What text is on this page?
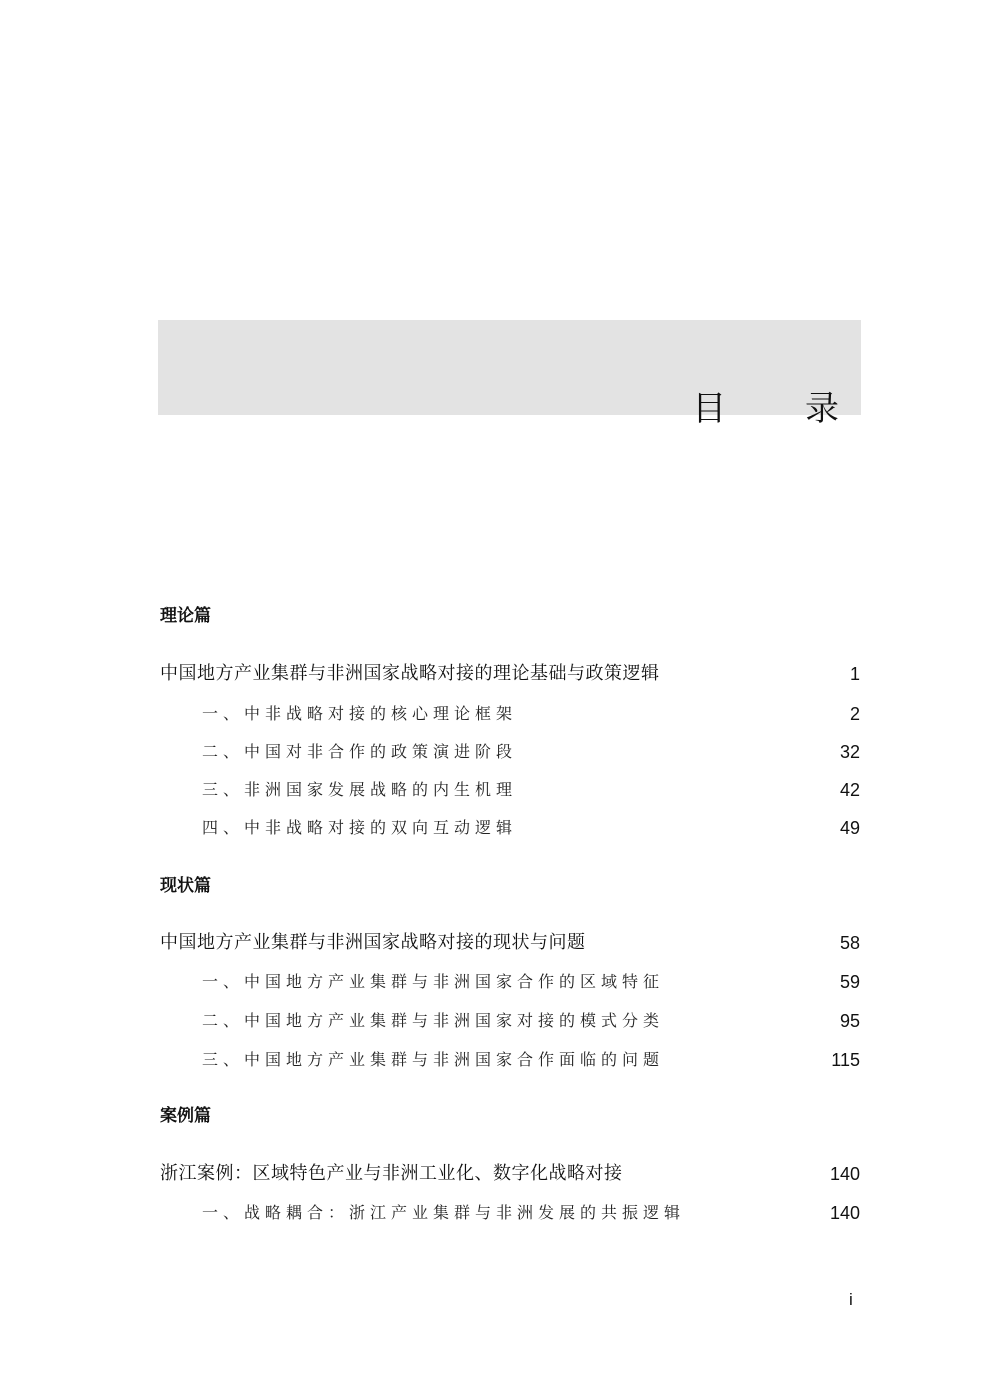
目 录
理论篇
中国地方产业集群与非洲国家战略对接的理论基础与政策逻辑	1
一、中非战略对接的核心理论框架	2
二、中国对非合作的政策演进阶段	32
三、非洲国家发展战略的内生机理	42
四、中非战略对接的双向互动逻辑	49
现状篇
中国地方产业集群与非洲国家战略对接的现状与问题	58
一、中国地方产业集群与非洲国家合作的区域特征	59
二、中国地方产业集群与非洲国家对接的模式分类	95
三、中国地方产业集群与非洲国家合作面临的问题	115
案例篇
浙江案例：区域特色产业与非洲工业化、数字化战略对接	140
一、战略耦合：浙江产业集群与非洲发展的共振逻辑	140
i
